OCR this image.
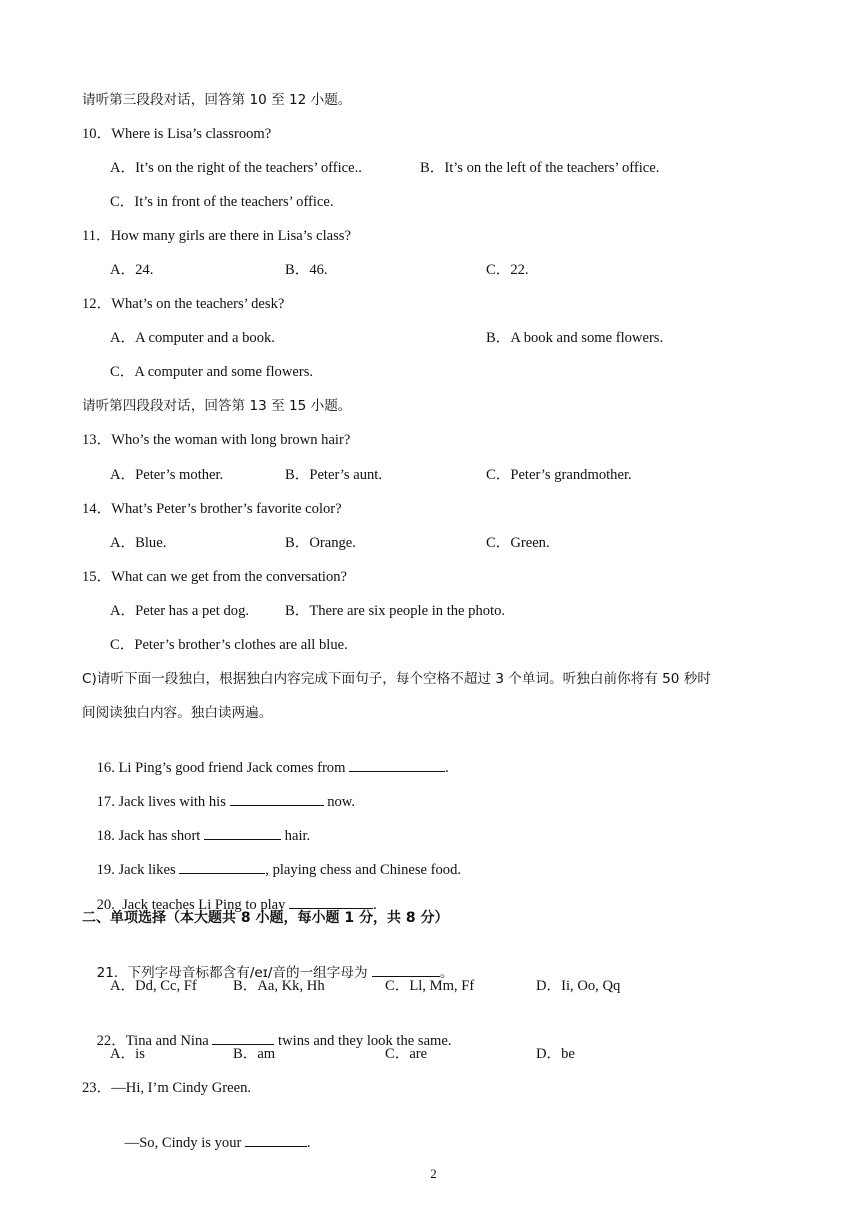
请听第三段段对话，回答第 10 至 12 小题。
10．Where is Lisa’s classroom?
A．It’s on the right of the teachers’ office..	B．It’s on the left of the teachers’ office.
C．It’s in front of the teachers’ office.
11．How many girls are there in Lisa’s class?
A．24.	B．46.	C．22.
12．What’s on the teachers’ desk?
A．A computer and a book.	B．A book and some flowers.
C．A computer and some flowers.
请听第四段段对话，回答第 13 至 15 小题。
13．Who’s the woman with long brown hair?
A．Peter’s mother.	B．Peter’s aunt.	C．Peter’s grandmother.
14．What’s Peter’s brother’s favorite color?
A．Blue.	B．Orange.	C．Green.
15．What can we get from the conversation?
A．Peter has a pet dog. B．There are six people in the photo.
C．Peter’s brother’s clothes are all blue.
C)请听下面一段独白，根据独白内容完成下面句子，每个空格不超过 3 个单词。听独白前你将有 50 秒时
间阅读独白内容。独白读两遍。

16. Li Ping’s good friend Jack comes from	.

17. Jack lives with his	now.

18. Jack has short	hair.

19. Jack likes	, playing chess and Chinese food.

20.  Jack teaches Li Ping to play	.

二、单项选择（本大题共 8 小题，每小题 1 分，共 8 分）

21．下列字母音标都含有/eɪ/音的一组字母为	。

A．Dd, Cc, Ff B．Aa, Kk, Hh	C．Ll, Mm, Ff	D．Ii, Oo, Qq

22．Tina and Nina	twins and they look the same.

A．is	B．am	C．are	D．be
23．—Hi, I’m Cindy Green.

—So, Cindy is your	.

2
